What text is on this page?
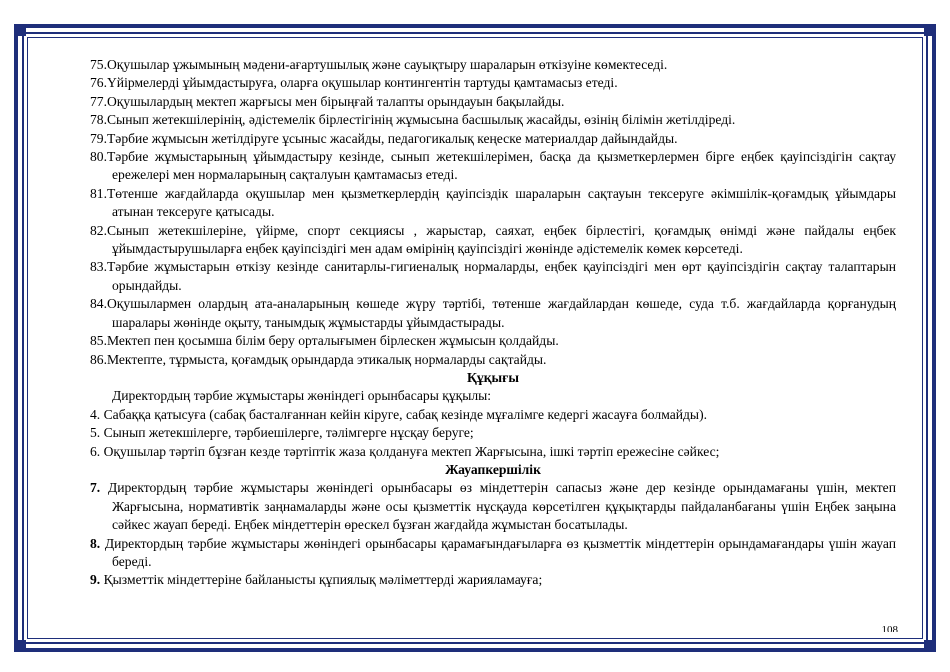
75.Оқушылар ұжымының мәдени-ағартушылық және сауықтыру шараларын өткізуіне көмектеседі.

76.Үйірмелерді ұйымдастыруға, оларға оқушылар контингентін тартуды қамтамасыз етеді.

77.Оқушылардың мектеп жарғысы мен бірыңғай талапты орындауын бақылайды.

78.Сынып жетекшілерінің, әдістемелік бірлестігінің жұмысына басшылық жасайды, өзінің білімін жетілдіреді.

79.Тәрбие жұмысын жетілдіруге ұсыныс жасайды, педагогикалық кеңеске материалдар дайындайды.

80.Тәрбие жұмыстарының ұйымдастыру кезінде, сынып жетекшілерімен, басқа да қызметкерлермен бірге еңбек қауіпсіздігін сақтау ережелері мен нормаларының сақталуын қамтамасыз етеді.

81.Төтенше жағдайларда оқушылар мен қызметкерлердің қауіпсіздік шараларын сақтауын тексеруге әкімшілік-қоғамдық ұйымдары атынан тексеруге қатысады.

82.Сынып жетекшілеріне, үйірме, спорт секциясы , жарыстар, саяхат, еңбек бірлестігі, қоғамдық өнімді және пайдалы еңбек ұйымдастырушыларға еңбек қауіпсіздігі мен адам өмірінің қауіпсіздігі жөнінде әдістемелік көмек көрсетеді.

83.Тәрбие жұмыстарын өткізу кезінде санитарлы-гигиеналық нормаларды, еңбек қауіпсіздігі мен өрт қауіпсіздігін сақтау талаптарын орындайды.

84.Оқушылармен олардың ата-аналарының көшеде жүру тәртібі, төтенше жағдайлардан көшеде, суда т.б. жағдайларда қорғанудың шаралары жөнінде оқыту, танымдық жұмыстарды ұйымдастырады.

85.Мектеп пен қосымша білім беру орталығымен бірлескен жұмысын қолдайды.

86.Мектепте, тұрмыста, қоғамдық орындарда этикалық нормаларды сақтайды.

Құқығы

Директордың тәрбие жұмыстары жөніндегі орынбасары құқылы:

4. Сабаққа қатысуға (сабақ басталғаннан кейін кіруге, сабақ кезінде мұғалімге кедергі жасауға болмайды).

5. Сынып жетекшілерге, тәрбиешілерге, тәлімгерге нұсқау беруге;

6. Оқушылар тәртіп бұзған кезде тәртіптік жаза қолдануға мектеп Жарғысына, ішкі тәртіп ережесіне сәйкес;

Жауапкершілік

7. Директордың тәрбие жұмыстары жөніндегі орынбасары өз міндеттерін сапасыз және дер кезінде орындамағаны үшін, мектеп Жарғысына, нормативтік заңнамаларды және осы қызметтік нұсқауда көрсетілген құқықтарды пайдаланбағаны үшін Еңбек заңына сәйкес жауап береді. Еңбек міндеттерін өрескел бұзған жағдайда жұмыстан босатылады.

8. Директордың тәрбие жұмыстары жөніндегі орынбасары қарамағындағыларға өз қызметтік міндеттерін орындамағандары үшін жауап береді.

9. Қызметтік міндеттеріне байланысты құпиялық мәліметтерді жарияламауға;

108
